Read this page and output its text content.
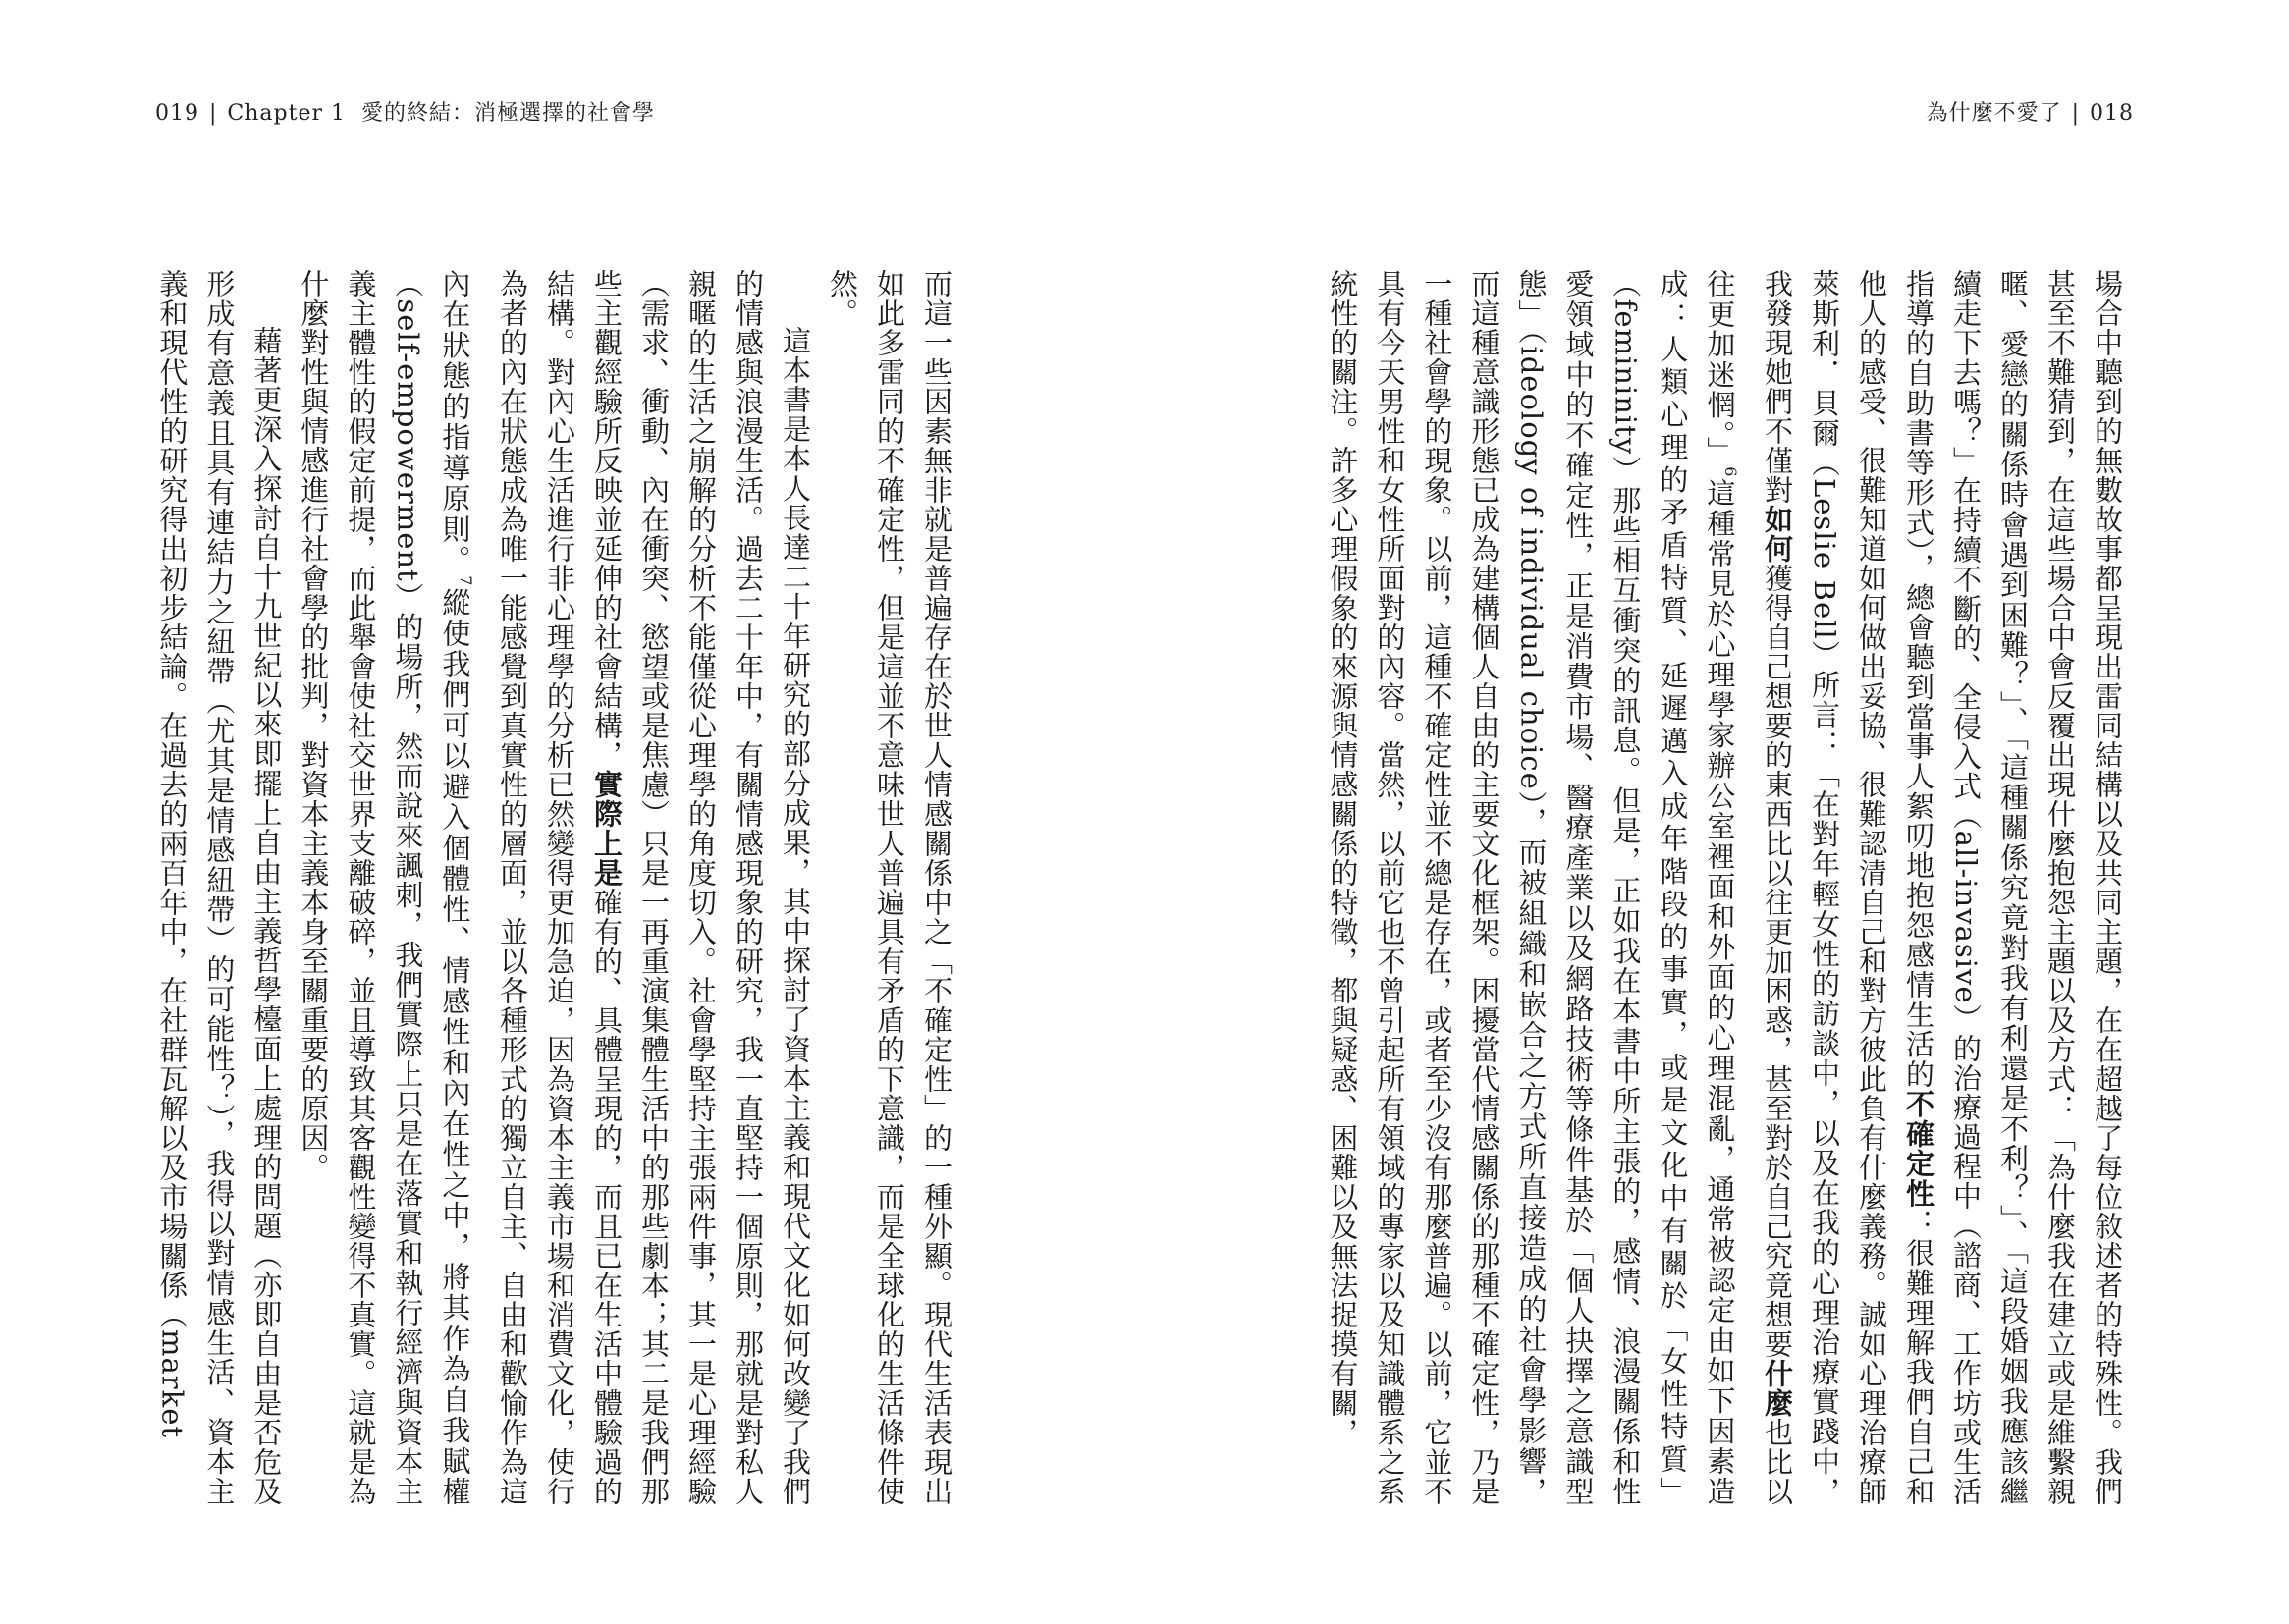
019 | Chapter 1 愛的終結：消極選擇的社會學	為什麼不愛了 | 018

場合中聽到的無數故事都呈現出雷同結構以及共同主題，在在超越了每位敘述者的特殊性。我們甚至不難猜到，在這些場合中會反覆出現什麼抱怨主題以及方式：「為什麼我在建立或是維繫親暱、愛戀的關係時會遇到困難？」、「這種關係究竟對我有利還是不利？」、「這段婚姻我應該繼續走下去嗎？」在持續不斷的、全侵入式（all-invasive）的治療過程中（諮商、工作坊或生活指導的自助書等形式），總會聽到當事人絮叨地抱怨感情生活的不確定性：很難理解我們自己和他人的感受、很難知道如何做出妥協、很難認清自己和對方彼此負有什麼義務。誠如心理治療師萊斯利．貝爾（Leslie Bell）所言：「在對年輕女性的訪談中，以及在我的心理治療實踐中，我發現她們不僅對如何獲得自己想要的東西比以往更加困惑，甚至對於自己究竟想要什麼也比以往更加迷惘。」$^6$這種常見於心理學家辦公室裡面和外面的心理混亂，通常被認定由如下因素造成：人類心理的矛盾特質、延遲邁入成年階段的事實，或是文化中有關於「女性特質」（femininity）那些相互衝突的訊息。但是，正如我在本書中所主張的，感情、浪漫關係和性愛領域中的不確定性，正是消費市場、醫療產業以及網路技術等條件基於「個人抉擇之意識型態」（ideology of individual choice），而被組織和嵌合之方式所直接造成的社會學影響，而這種意識形態已成為建構個人自由的主要文化框架。困擾當代情感關係的那種不確定性，乃是一種社會學的現象。以前，這種不確定性並不總是存在，或者至少沒有那麼普遍。以前，它並不具有今天男性和女性所面對的內容。當然，以前它也不曾引起所有領域的專家以及知識體系之系統性的關注。許多心理假象的來源與情感關係的特徵，都與疑惑、困難以及無法捉摸有關，

而這一些因素無非就是普遍存在於世人情感關係中之「不確定性」的一種外顯。現代生活表現出如此多雷同的不確定性，但是這並不意味世人普遍具有矛盾的下意識，而是全球化的生活條件使然。

這本書是本人長達二十年研究的部分成果，其中探討了資本主義和現代文化如何改變了我們的情感與浪漫生活。過去二十年中，有關情感現象的研究，我一直堅持一個原則，那就是對私人親暱的生活之崩解的分析不能僅從心理學的角度切入。社會學堅持主張兩件事，其一是心理經驗（需求、衝動、內在衝突、慾望或是焦慮）只是一再重演集體生活中的那些劇本；其二是我們那些主觀經驗所反映並延伸的社會結構，實際上是確有的、具體呈現的，而且已在生活中體驗過的結構。對內心生活進行非心理學的分析已然變得更加急迫，因為資本主義市場和消費文化，使行為者的內在狀態成為唯一能感覺到真實性的層面，並以各種形式的獨立自主、自由和歡愉作為這內在狀態的指導原則。$^7$縱使我們可以避入個體性、情感性和內在性之中，將其作為自我賦權（self-empowerment）的場所，然而說來諷刺，我們實際上只是在落實和執行經濟與資本主義主體性的假定前提，而此舉會使社交世界支離破碎，並且導致其客觀性變得不真實。這就是為什麼對性與情感進行社會學的批判，對資本主義本身至關重要的原因。

藉著更深入探討自十九世紀以來即擺上自由主義哲學檯面上處理的問題（亦即自由是否危及形成有意義且具有連結力之紐帶（尤其是情感紐帶）的可能性？），我得以對情感生活、資本主義和現代性的研究得出初步結論。在過去的兩百年中，在社群瓦解以及市場關係（market
